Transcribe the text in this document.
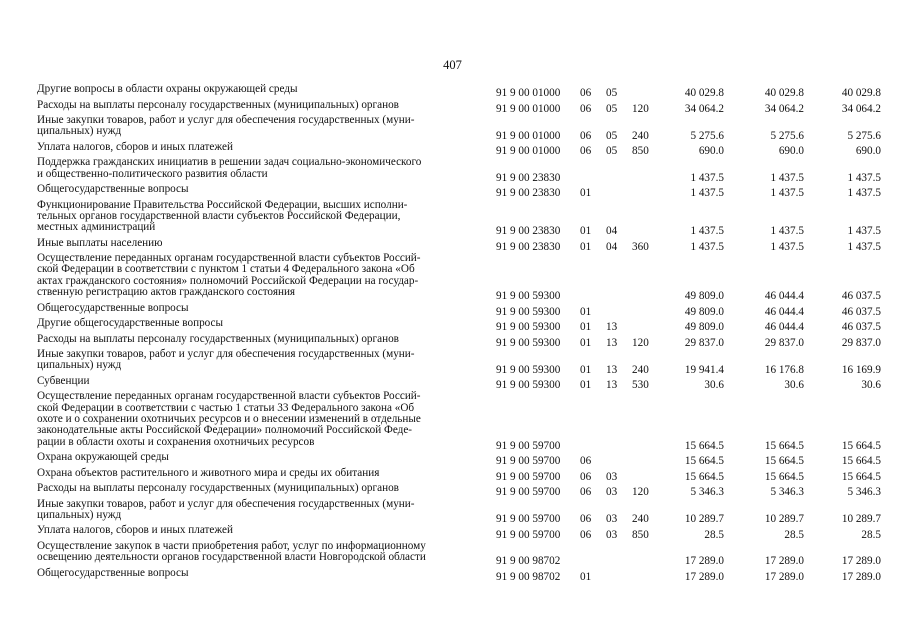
407
Другие вопросы в области охраны окружающей среды	91 9 00 01000 06 05	40 029.8	40 029.8	40 029.8
Расходы на выплаты персоналу государственных (муниципальных) органов	91 9 00 01000 06 05 120	34 064.2	34 064.2	34 064.2
Иные закупки товаров, работ и услуг для обеспечения государственных (муни-
ципальных) нужд	91 9 00 01000 06 05 240	5 275.6	5 275.6	5 275.6
Уплата налогов, сборов и иных платежей	91 9 00 01000 06 05 850	690.0	690.0	690.0
Поддержка гражданских инициатив в решении задач социально-экономического
и общественно-политического развития области	91 9 00 23830	1 437.5	1 437.5	1 437.5
Общегосударственные вопросы	91 9 00 23830 01	1 437.5	1 437.5	1 437.5
Функционирование Правительства Российской Федерации, высших исполни-
тельных органов государственной власти субъектов Российской Федерации,
местных администраций	91 9 00 23830 01 04	1 437.5	1 437.5	1 437.5
Иные выплаты населению	91 9 00 23830 01 04 360	1 437.5	1 437.5	1 437.5
Осуществление переданных органам государственной власти субъектов Россий-
ской Федерации в соответствии с пунктом 1 статьи 4 Федерального закона «Об
актах гражданского состояния» полномочий Российской Федерации на государ-
ственную регистрацию актов гражданского состояния	91 9 00 59300	49 809.0	46 044.4	46 037.5
Общегосударственные вопросы	91 9 00 59300 01	49 809.0	46 044.4	46 037.5
Другие общегосударственные вопросы	91 9 00 59300 01 13	49 809.0	46 044.4	46 037.5
Расходы на выплаты персоналу государственных (муниципальных) органов	91 9 00 59300 01 13 120	29 837.0	29 837.0	29 837.0
Иные закупки товаров, работ и услуг для обеспечения государственных (муни-
ципальных) нужд	91 9 00 59300 01 13 240	19 941.4	16 176.8	16 169.9
Субвенции	91 9 00 59300 01 13 530	30.6	30.6	30.6
Осуществление переданных органам государственной власти субъектов Россий-
ской Федерации в соответствии с частью 1 статьи 33 Федерального закона «Об
охоте и о сохранении охотничьих ресурсов и о внесении изменений в отдельные
законодательные акты Российской Федерации» полномочий Российской Феде-
рации в области охоты и сохранения охотничьих ресурсов	91 9 00 59700	15 664.5	15 664.5	15 664.5
Охрана окружающей среды	91 9 00 59700 06	15 664.5	15 664.5	15 664.5
Охрана объектов растительного и животного мира и среды их обитания	91 9 00 59700 06 03	15 664.5	15 664.5	15 664.5
Расходы на выплаты персоналу государственных (муниципальных) органов	91 9 00 59700 06 03 120	5 346.3	5 346.3	5 346.3
Иные закупки товаров, работ и услуг для обеспечения государственных (муни-
ципальных) нужд	91 9 00 59700 06 03 240	10 289.7	10 289.7	10 289.7
Уплата налогов, сборов и иных платежей	91 9 00 59700 06 03 850	28.5	28.5	28.5
Осуществление закупок в части приобретения работ, услуг по информационному
освещению деятельности органов государственной власти Новгородской области	91 9 00 98702	17 289.0	17 289.0	17 289.0
Общегосударственные вопросы	91 9 00 98702 01	17 289.0	17 289.0	17 289.0
